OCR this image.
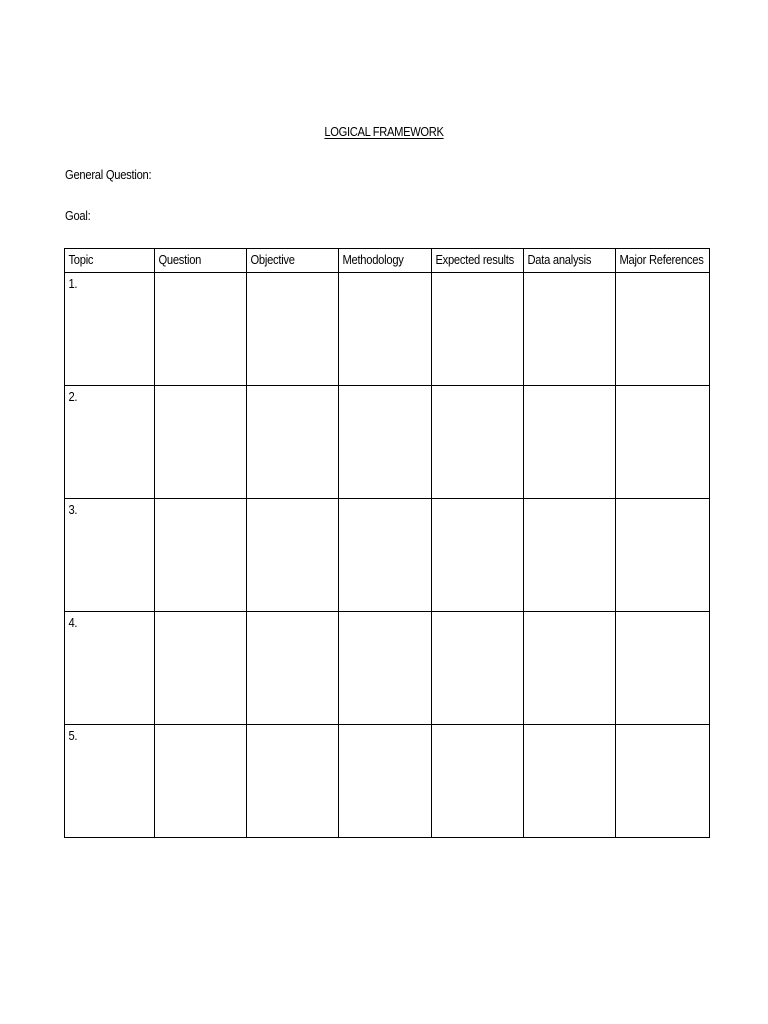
LOGICAL FRAMEWORK
General Question:
Goal:
Topic	Question	Objective	Methodology	Expected results	Data analysis	Major References

1.						

2.						

3.						

4.						

5.						
